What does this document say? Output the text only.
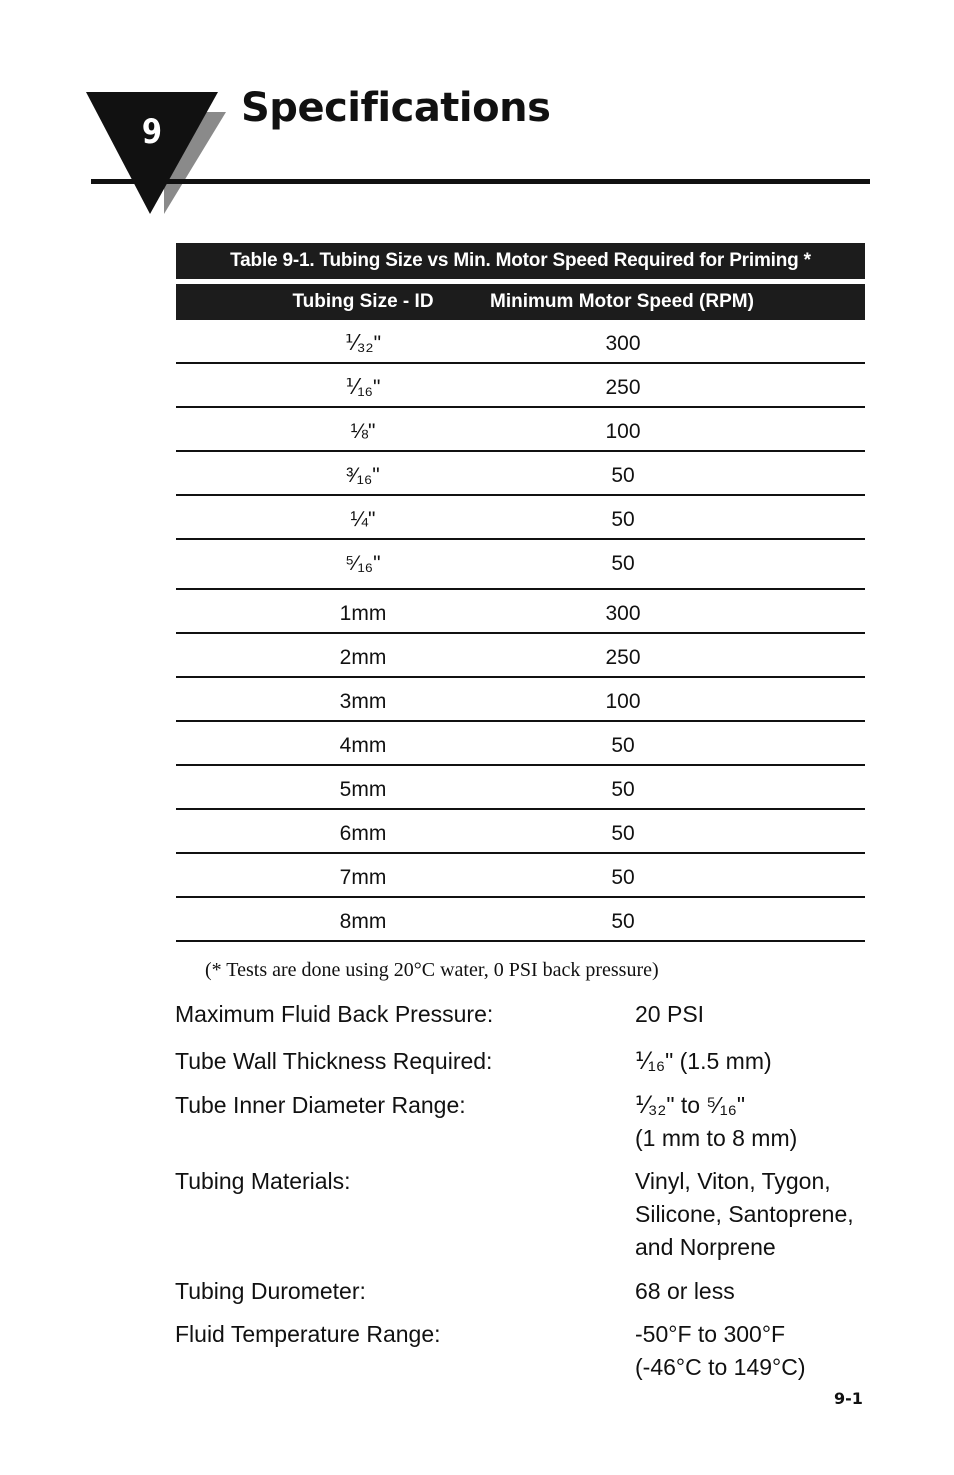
9
Specifications
Table 9-1. Tubing Size vs Min. Motor Speed Required for Priming *
Tubing Size - ID	Minimum Motor Speed (RPM)
⅟₃₂"	300
⅟₁₆"	250
⅛"	100
³⁄₁₆"	50
¼"	50
⁵⁄₁₆"	50
1mm	300
2mm	250
3mm	100
4mm	50
5mm	50
6mm	50
7mm	50
8mm	50
(* Tests are done using 20°C water, 0 PSI back pressure)
Maximum Fluid Back Pressure:	20 PSI
Tube Wall Thickness Required:	⅟₁₆" (1.5 mm)
Tube Inner Diameter Range:	⅟₃₂" to ⁵⁄₁₆"
(1 mm to 8 mm)
Tubing Materials:	Vinyl, Viton, Tygon,
Silicone, Santoprene,
and Norprene
Tubing Durometer:	68 or less
Fluid Temperature Range:	-50°F to 300°F
(-46°C to 149°C)
9-1
